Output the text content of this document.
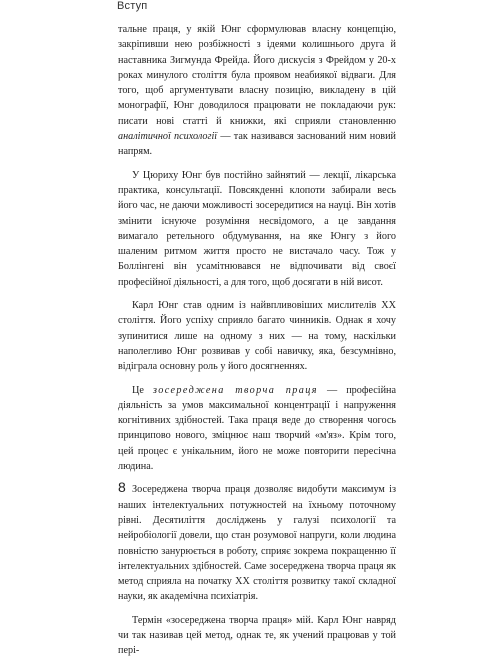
Вступ

тальне праця, у якій Юнг сформулював власну концепцію, закріпивши нею розбіжності з ідеями колишнього друга й наставника Зигмунда Фрейда. Його дискусія з Фрейдом у 20-х роках минулого століття була проявом неабиякої відваги. Для того, щоб аргументувати власну позицію, викладену в цій монографії, Юнг доводилося працювати не покладаючи рук: писати нові статті й книжки, які сприяли становленню аналітичної психології — так називався заснований ним новий напрям.

У Цюриху Юнг був постійно зайнятий — лекції, лікарська практика, консультації. Повсякденні клопоти забирали весь його час, не даючи можливості зосередитися на науці. Він хотів змінити існуюче розуміння несвідомого, а це завдання вимагало ретельного обдумування, на яке Юнгу з його шаленим ритмом життя просто не вистачало часу. Тож у Боллінгені він усамітнювався не відпочивати від своєї професійної діяльності, а для того, щоб досягати в ній висот.

Карл Юнг став одним із найвпливовіших мислителів XX століття. Його успіху сприяло багато чинників. Однак я хочу зупинитися лише на одному з них — на тому, наскільки наполегливо Юнг розвивав у собі навичку, яка, безсумнівно, відіграла основну роль у його досягненнях.

Це зосереджена творча праця — професійна діяльність за умов максимальної концентрації і напруження когнітивних здібностей. Така праця веде до створення чогось принципово нового, зміцнює наш творчий «м'яз». Крім того, цей процес є унікальним, його не може повторити пересічна людина.

Зосереджена творча праця дозволяє видобути максимум із наших інтелектуальних потужностей на їхньому поточному рівні. Десятиліття досліджень у галузі психології та нейробіології довели, що стан розумової напруги, коли людина повністю занурюється в роботу, сприяє зокрема покращенню її інтелектуальних здібностей. Саме зосереджена творча праця як метод сприяла на початку XX століття розвитку такої складної науки, як академічна психіатрія.

Термін «зосереджена творча праця» мій. Карл Юнг навряд чи так називав цей метод, однак те, як учений працював у той пері-

8
